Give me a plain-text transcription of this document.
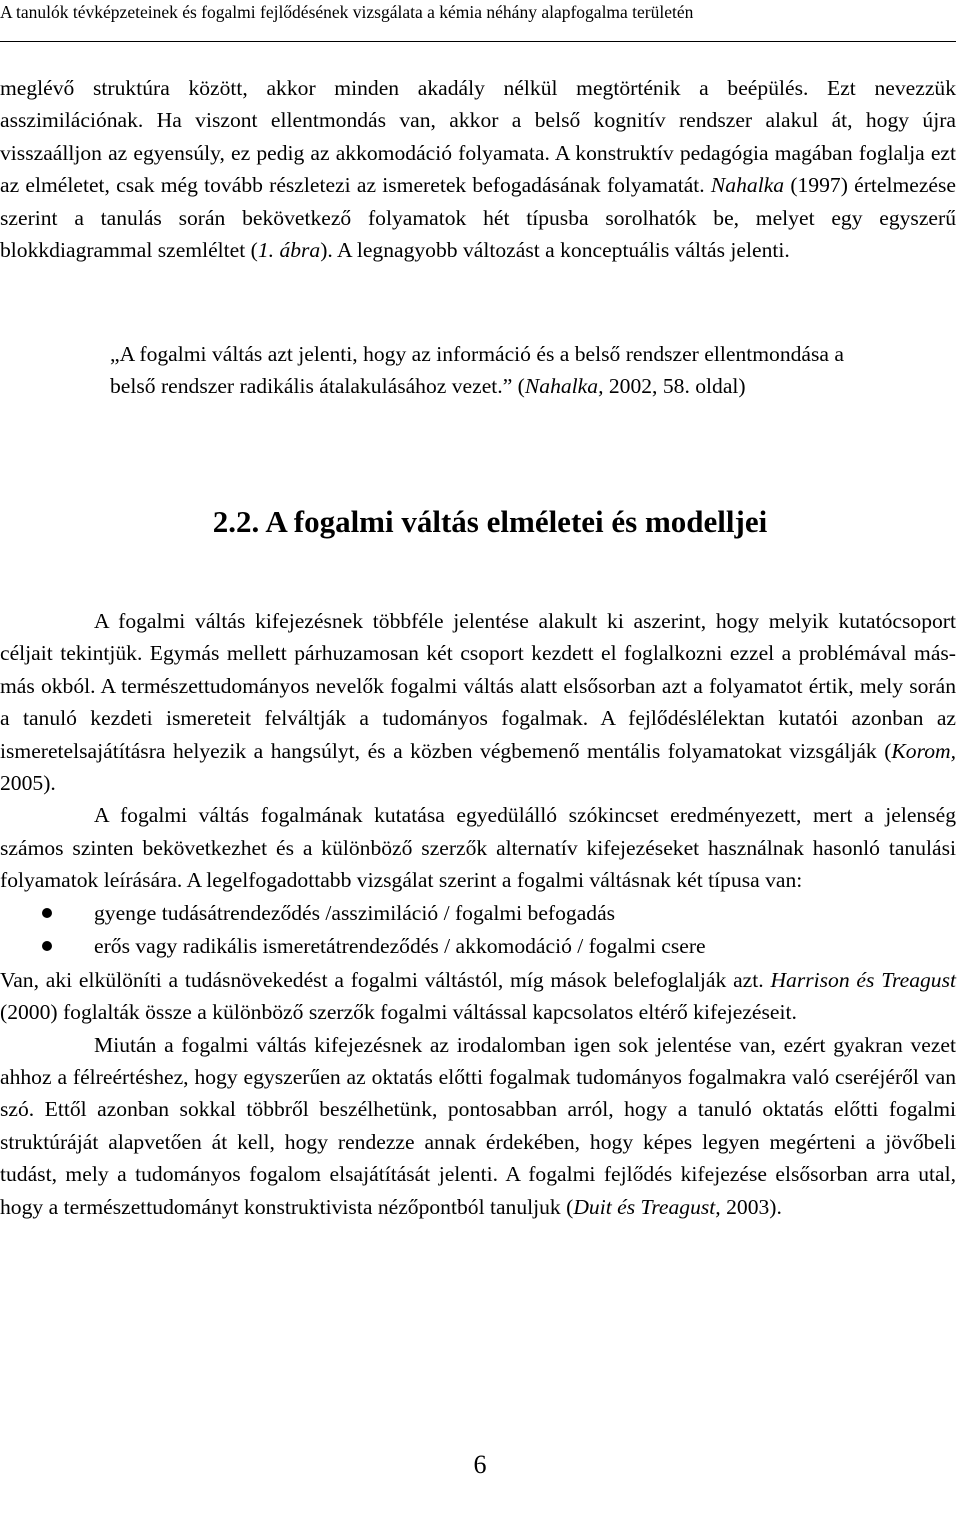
A tanulók tévképzeteinek és fogalmi fejlődésének vizsgálata a kémia néhány alapfogalma területén

meglévő struktúra között, akkor minden akadály nélkül megtörténik a beépülés. Ezt nevezzük asszimilációnak. Ha viszont ellentmondás van, akkor a belső kognitív rendszer alakul át, hogy újra visszaálljon az egyensúly, ez pedig az akkomodáció folyamata. A konstruktív pedagógia magában foglalja ezt az elméletet, csak még tovább részletezi az ismeretek befogadásának folyamatát. Nahalka (1997) értelmezése szerint a tanulás során bekövetkező folyamatok hét típusba sorolhatók be, melyet egy egyszerű blokkdiagrammal szemléltet (1. ábra). A legnagyobb változást a konceptuális váltás jelenti.

„A fogalmi váltás azt jelenti, hogy az információ és a belső rendszer ellentmondása a belső rendszer radikális átalakulásához vezet.” (Nahalka, 2002, 58. oldal)
2.2. A fogalmi váltás elméletei és modelljei

A fogalmi váltás kifejezésnek többféle jelentése alakult ki aszerint, hogy melyik kutatócsoport céljait tekintjük. Egymás mellett párhuzamosan két csoport kezdett el foglalkozni ezzel a problémával más-más okból. A természettudományos nevelők fogalmi váltás alatt elsősorban azt a folyamatot értik, mely során a tanuló kezdeti ismereteit felváltják a tudományos fogalmak. A fejlődéslélektan kutatói azonban az ismeretelsajátításra helyezik a hangsúlyt, és a közben végbemenő mentális folyamatokat vizsgálják (Korom, 2005).

A fogalmi váltás fogalmának kutatása egyedülálló szókincset eredményezett, mert a jelenség számos szinten bekövetkezhet és a különböző szerzők alternatív kifejezéseket használnak hasonló tanulási folyamatok leírására. A legelfogadottabb vizsgálat szerint a fogalmi váltásnak két típusa van:

gyenge tudásátrendeződés /asszimiláció / fogalmi befogadás
erős vagy radikális ismeretátrendeződés / akkomodáció / fogalmi csere

Van, aki elkülöníti a tudásnövekedést a fogalmi váltástól, míg mások belefoglalják azt. Harrison és Treagust (2000) foglalták össze a különböző szerzők fogalmi váltással kapcsolatos eltérő kifejezéseit.

Miután a fogalmi váltás kifejezésnek az irodalomban igen sok jelentése van, ezért gyakran vezet ahhoz a félreértéshez, hogy egyszerűen az oktatás előtti fogalmak tudományos fogalmakra való cseréjéről van szó. Ettől azonban sokkal többről beszélhetünk, pontosabban arról, hogy a tanuló oktatás előtti fogalmi struktúráját alapvetően át kell, hogy rendezze annak érdekében, hogy képes legyen megérteni a jövőbeli tudást, mely a tudományos fogalom elsajátítását jelenti. A fogalmi fejlődés kifejezése elsősorban arra utal, hogy a természettudományt konstruktivista nézőpontból tanuljuk (Duit és Treagust, 2003).

6
